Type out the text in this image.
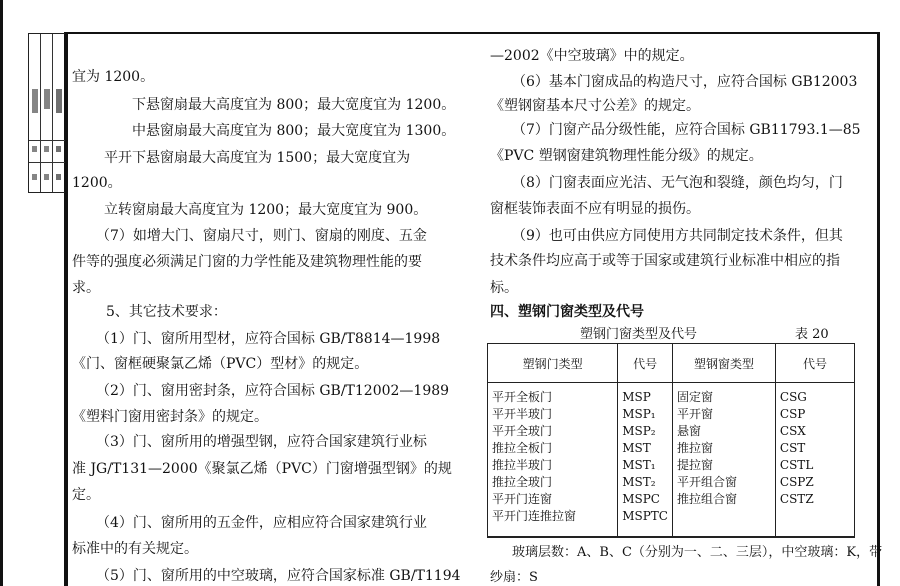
宜为 1200。
下悬窗扇最大高度宜为 800；最大宽度宜为 1200。
中悬窗扇最大高度宜为 800；最大宽度宜为 1300。
平开下悬窗扇最大高度宜为 1500；最大宽度宜为
1200。
立转窗扇最大高度宜为 1200；最大宽度宜为 900。
（7）如增大门、窗扇尺寸，则门、窗扇的刚度、五金
件等的强度必须满足门窗的力学性能及建筑物理性能的要
求。
5、其它技术要求：
（1）门、窗所用型材，应符合国标 GB/T8814—1998
《门、窗框硬聚氯乙烯（PVC）型材》的规定。
（2）门、窗用密封条，应符合国标 GB/T12002—1989
《塑料门窗用密封条》的规定。
（3）门、窗所用的增强型钢，应符合国家建筑行业标
准 JG/T131—2000《聚氯乙烯（PVC）门窗增强型钢》的规
定。
（4）门、窗所用的五金件，应相应符合国家建筑行业
标准中的有关规定。
（5）门、窗所用的中空玻璃，应符合国家标准 GB/T1194
—2002《中空玻璃》中的规定。
（6）基本门窗成品的构造尺寸，应符合国标 GB12003
《塑钢窗基本尺寸公差》的规定。
（7）门窗产品分级性能，应符合国标 GB11793.1—85
《PVC 塑钢窗建筑物理性能分级》的规定。
（8）门窗表面应光洁、无气泡和裂缝，颜色均匀，门
窗框装饰表面不应有明显的损伤。
（9）也可由供应方同使用方共同制定技术条件，但其
技术条件均应高于或等于国家或建筑行业标准中相应的指
标。
四、塑钢门窗类型及代号
塑钢门窗类型及代号	表 20
塑钢门类型	代号	塑钢窗类型	代号
平开全板门	MSP	固定窗	CSG
平开半玻门	MSP₁	平开窗	CSP
平开全玻门	MSP₂	悬窗	CSX
推拉全板门	MST	推拉窗	CST
推拉半玻门	MST₁	提拉窗	CSTL
推拉全玻门	MST₂	平开组合窗	CSPZ
平开门连窗	MSPC	推拉组合窗	CSTZ
平开门连推拉窗	MSPTC		
玻璃层数：A、B、C（分别为一、二、三层），中空玻璃：K，带
纱扇：S
